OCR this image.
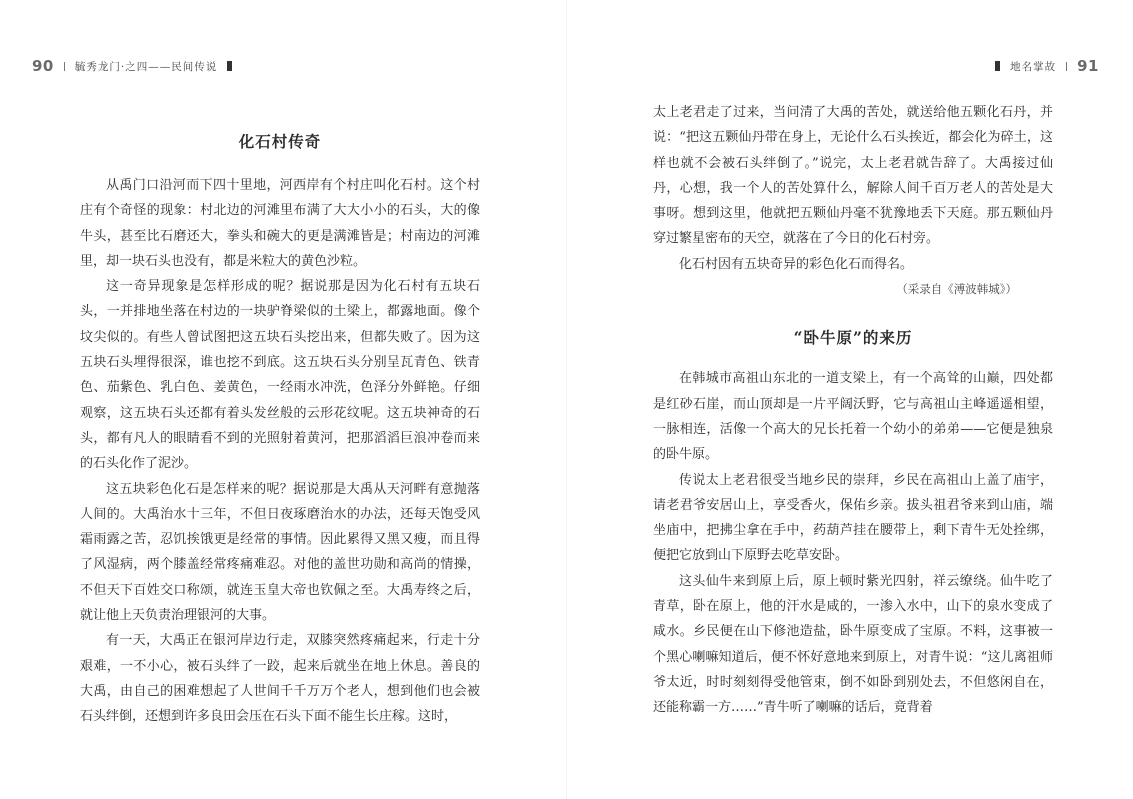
90 毓秀龙门·之四——民间传说
化石村传奇

从禹门口沿河而下四十里地，河西岸有个村庄叫化石村。这个村庄有个奇怪的现象：村北边的河滩里布满了大大小小的石头，大的像牛头，甚至比石磨还大，拳头和碗大的更是满滩皆是；村南边的河滩里，却一块石头也没有，都是米粒大的黄色沙粒。

这一奇异现象是怎样形成的呢？据说那是因为化石村有五块石头，一并排地坐落在村边的一块驴脊梁似的土梁上，都露地面。像个坟尖似的。有些人曾试图把这五块石头挖出来，但都失败了。因为这五块石头埋得很深，谁也挖不到底。这五块石头分别呈瓦青色、铁青色、茄紫色、乳白色、姜黄色，一经雨水冲洗，色泽分外鲜艳。仔细观察，这五块石头还都有着头发丝般的云形花纹呢。这五块神奇的石头，都有凡人的眼睛看不到的光照射着黄河，把那滔滔巨浪冲卷而来的石头化作了泥沙。

这五块彩色化石是怎样来的呢？据说那是大禹从天河畔有意抛落人间的。大禹治水十三年，不但日夜琢磨治水的办法，还每天饱受风霜雨露之苦，忍饥挨饿更是经常的事情。因此累得又黑又瘦，而且得了风湿病，两个膝盖经常疼痛难忍。对他的盖世功勋和高尚的情操，不但天下百姓交口称颂，就连玉皇大帝也钦佩之至。大禹寿终之后，就让他上天负责治理银河的大事。

有一天，大禹正在银河岸边行走，双膝突然疼痛起来，行走十分艰难，一不小心，被石头绊了一跤，起来后就坐在地上休息。善良的大禹，由自己的困难想起了人世间千千万万个老人，想到他们也会被石头绊倒，还想到许多良田会压在石头下面不能生长庄稼。这时，

地名掌故 91

太上老君走了过来，当问清了大禹的苦处，就送给他五颗化石丹，并说：“把这五颗仙丹带在身上，无论什么石头挨近，都会化为碎土，这样也就不会被石头绊倒了。”说完，太上老君就告辞了。大禹接过仙丹，心想，我一个人的苦处算什么，解除人间千百万老人的苦处是大事呀。想到这里，他就把五颗仙丹毫不犹豫地丢下天庭。那五颗仙丹穿过繁星密布的天空，就落在了今日的化石村旁。

化石村因有五块奇异的彩色化石而得名。

（采录自《溥波韩城》）

“卧牛原”的来历

在韩城市高祖山东北的一道支梁上，有一个高耸的山巅，四处都是红砂石崖，而山顶却是一片平阔沃野，它与高祖山主峰遥遥相望，一脉相连，活像一个高大的兄长托着一个幼小的弟弟——它便是独泉的卧牛原。

传说太上老君很受当地乡民的崇拜，乡民在高祖山上盖了庙宇，请老君爷安居山上，享受香火，保佑乡亲。拔头祖君爷来到山庙，端坐庙中，把拂尘拿在手中，药葫芦挂在腰带上，剩下青牛无处拴绑，便把它放到山下原野去吃草安卧。

这头仙牛来到原上后，原上顿时紫光四射，祥云缭绕。仙牛吃了青草，卧在原上，他的汗水是咸的，一渗入水中，山下的泉水变成了咸水。乡民便在山下修池造盐，卧牛原变成了宝原。不料，这事被一个黑心喇嘛知道后，便不怀好意地来到原上，对青牛说：“这儿离祖师爷太近，时时刻刻得受他管束，倒不如卧到别处去，不但悠闲自在，还能称霸一方……”青牛听了喇嘛的话后，竟背着
